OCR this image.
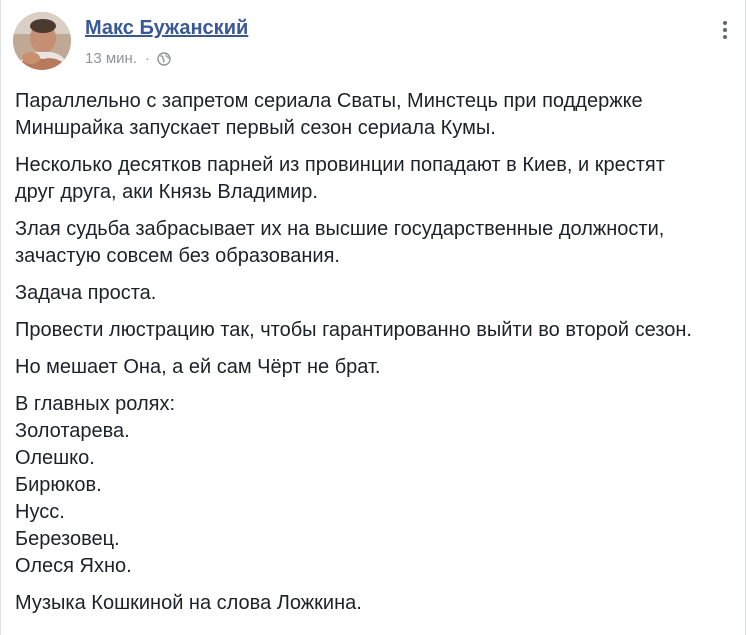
Макс Бужанский
13 мин. ·

Параллельно с запретом сериала Сваты, Минстець при поддержке
Миншрайка запускает первый сезон сериала Кумы.

Несколько десятков парней из провинции попадают в Киев, и крестят
друг друга, аки Князь Владимир.

Злая судьба забрасывает их на высшие государственные должности,
зачастую совсем без образования.

Задача проста.

Провести люстрацию так, чтобы гарантированно выйти во второй сезон.

Но мешает Она, а ей сам Чёрт не брат.

В главных ролях:
Золотарева.
Олешко.
Бирюков.
Нусс.
Березовец.
Олеся Яхно.

Музыка Кошкиной на слова Ложкина.
